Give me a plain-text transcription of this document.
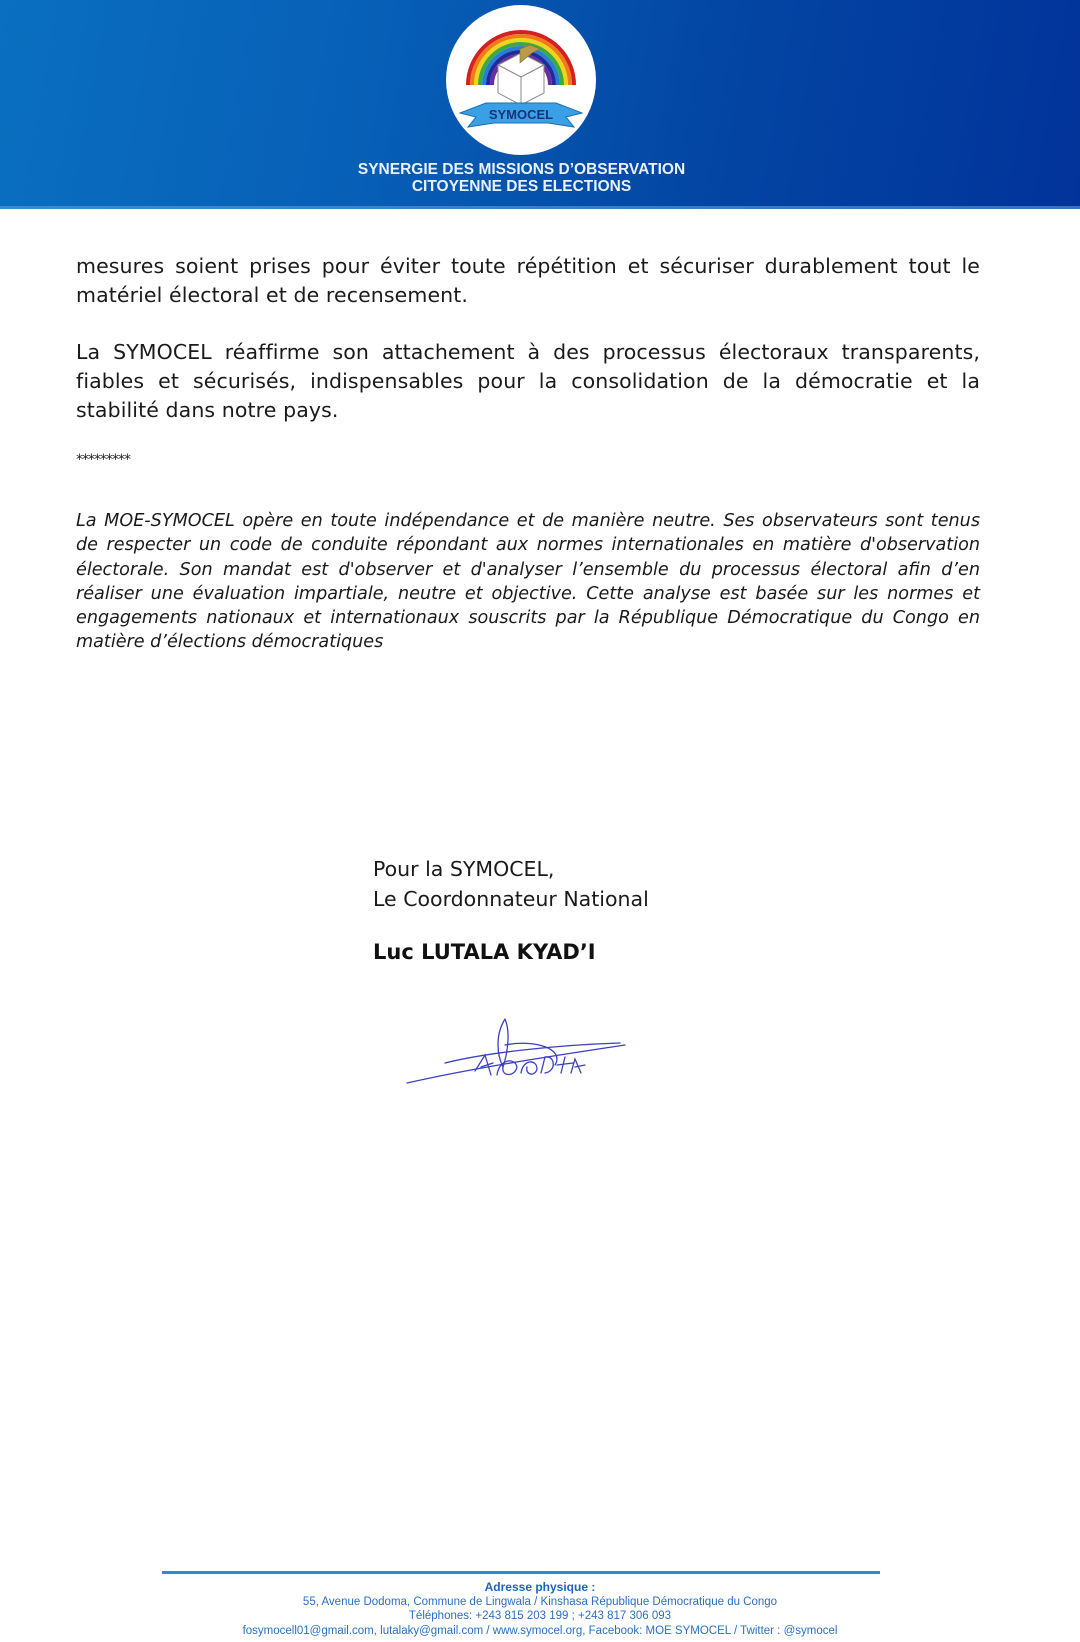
SYMOCEL
SYNERGIE DES MISSIONS D’OBSERVATION
CITOYENNE DES ELECTIONS

mesures soient prises pour éviter toute répétition et sécuriser durablement tout le matériel électoral et de recensement.

La SYMOCEL réaffirme son attachement à des processus électoraux transparents, fiables et sécurisés, indispensables pour la consolidation de la démocratie et la stabilité dans notre pays.

*********

La MOE-SYMOCEL opère en toute indépendance et de manière neutre. Ses observateurs sont tenus de respecter un code de conduite répondant aux normes internationales en matière d'observation électorale. Son mandat est d'observer et d'analyser l’ensemble du processus électoral afin d’en réaliser une évaluation impartiale, neutre et objective. Cette analyse est basée sur les normes et engagements nationaux et internationaux souscrits par la République Démocratique du Congo en matière d’élections démocratiques

Pour la SYMOCEL,
Le Coordonnateur National
Luc LUTALA KYAD’I
Adresse physique :
55, Avenue Dodoma, Commune de Lingwala / Kinshasa République Démocratique du Congo
Téléphones: +243 815 203 199 ; +243 817 306 093
fosymocell01@gmail.com, lutalaky@gmail.com / www.symocel.org, Facebook: MOE SYMOCEL / Twitter : @symocel
